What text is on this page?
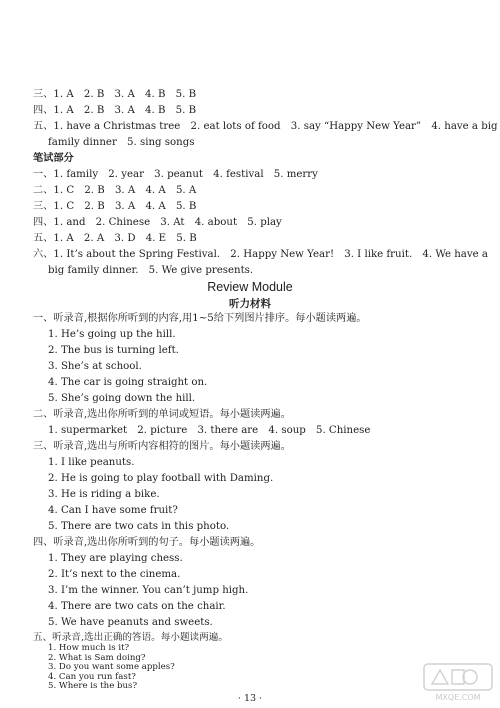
三、1. A　2. B　3. A　4. B　5. B
四、1. A　2. B　3. A　4. B　5. B
五、1. have a Christmas tree　2. eat lots of food　3. say “Happy New Year”　4. have a big
family dinner　5. sing songs
笔试部分
一、1. family　2. year　3. peanut　4. festival　5. merry
二、1. C　2. B　3. A　4. A　5. A
三、1. C　2. B　3. A　4. A　5. B
四、1. and　2. Chinese　3. At　4. about　5. play
五、1. A　2. A　3. D　4. E　5. B
六、1. It’s about the Spring Festival.　2. Happy New Year!　3. I like fruit.　4. We have a
big family dinner.　5. We give presents.
Review Module
听力材料
一、听录音,根据你所听到的内容,用1~5给下列图片排序。每小题读两遍。
1. He’s going up the hill.
2. The bus is turning left.
3. She’s at school.
4. The car is going straight on.
5. She’s going down the hill.
二、听录音,选出你所听到的单词或短语。每小题读两遍。
1. supermarket　2. picture　3. there are　4. soup　5. Chinese
三、听录音,选出与所听内容相符的图片。每小题读两遍。
1. I like peanuts.
2. He is going to play football with Daming.
3. He is riding a bike.
4. Can I have some fruit?
5. There are two cats in this photo.
四、听录音,选出你所听到的句子。每小题读两遍。
1. They are playing chess.
2. It’s next to the cinema.
3. I’m the winner. You can’t jump high.
4. There are two cats on the chair.
5. We have peanuts and sweets.
五、听录音,选出正确的答语。每小题读两遍。
· 13 ·	MXQE.COM
1. How much is it?
2. What is Sam doing?
3. Do you want some apples?
4. Can you run fast?
5. Where is the bus?
